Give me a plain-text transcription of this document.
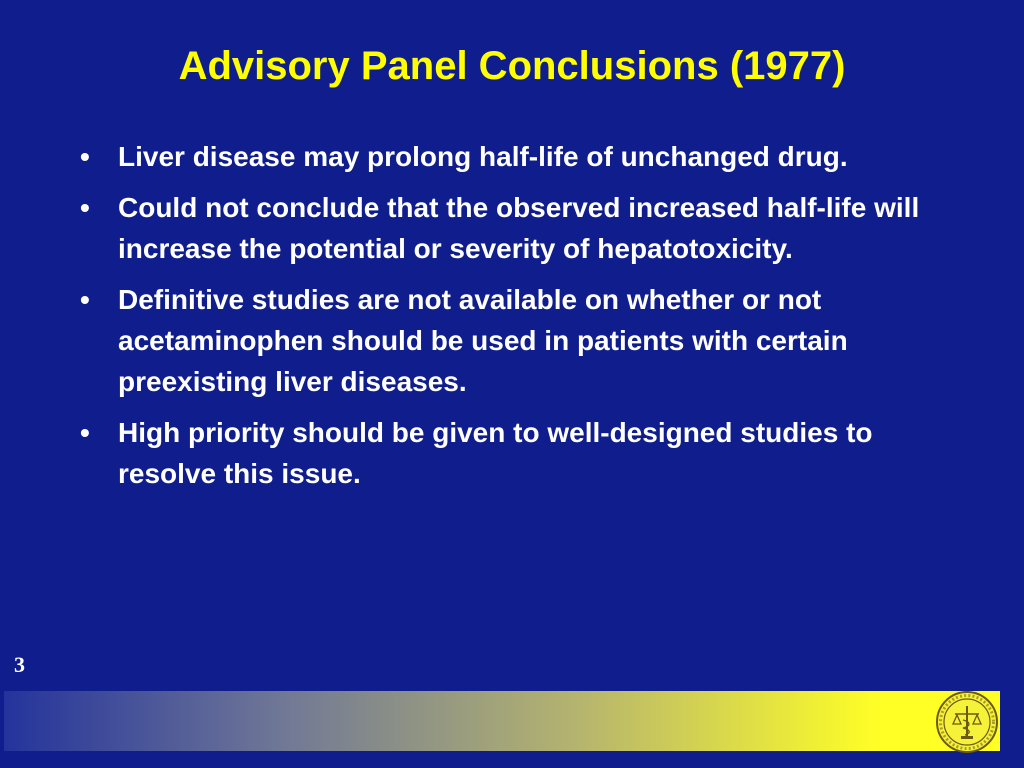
Advisory Panel Conclusions (1977)
•	Liver disease may prolong half-life of unchanged drug.
•	Could not conclude that the observed increased half-life will increase the potential or severity of hepatotoxicity.
•	Definitive studies are not available on whether or not acetaminophen should be used in patients with certain preexisting liver diseases.
•	High priority should be given to well-designed studies to resolve this issue.
3
